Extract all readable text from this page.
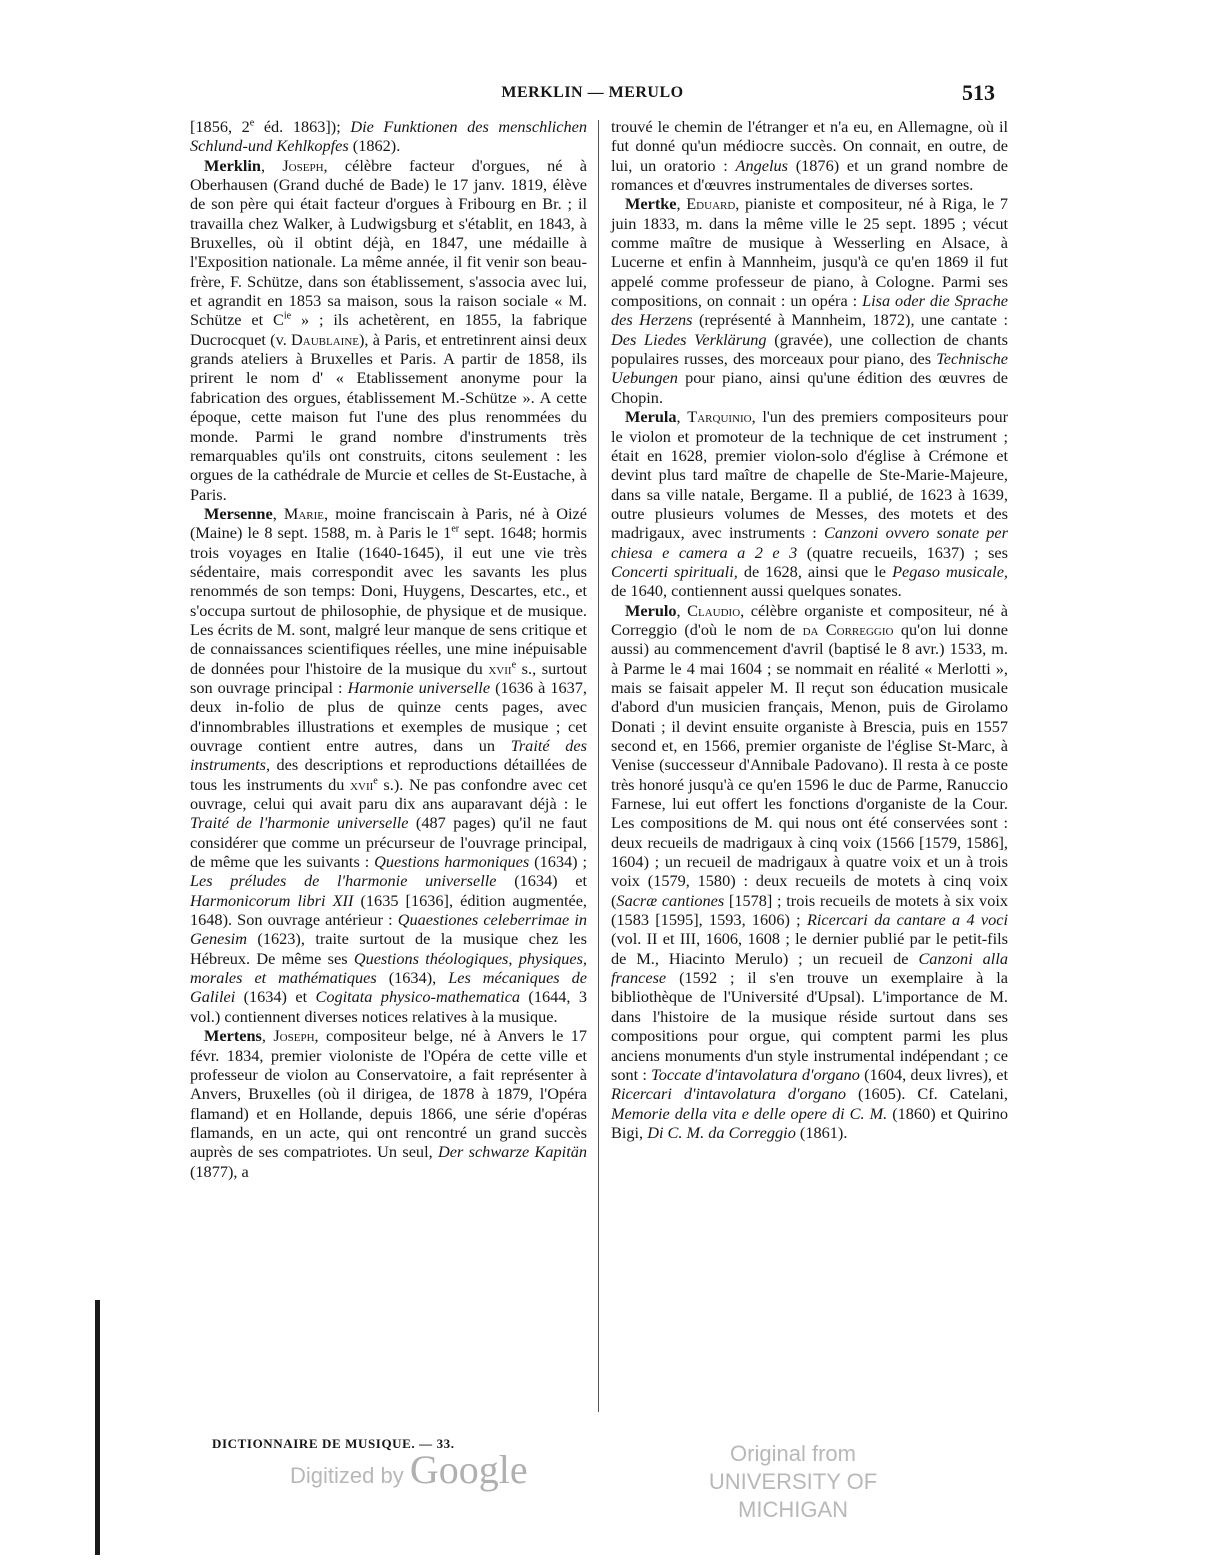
MERKLIN — MERULO	513

[1856, 2e éd. 1863]); Die Funktionen des menschlichen Schlund-und Kehlkopfes (1862).

Merklin, Joseph, célèbre facteur d'orgues, né à Oberhausen (Grand duché de Bade) le 17 janv. 1819, élève de son père qui était facteur d'orgues à Fribourg en Br. ; il travailla chez Walker, à Ludwigsburg et s'établit, en 1843, à Bruxelles, où il obtint déjà, en 1847, une médaille à l'Exposition nationale. La même année, il fit venir son beau-frère, F. Schütze, dans son établissement, s'associa avec lui, et agrandit en 1853 sa maison, sous la raison sociale « M. Schütze et $C^{ie}$ » ; ils achetèrent, en 1855, la fabrique Ducrocquet (v. Daublaine), à Paris, et entretinrent ainsi deux grands ateliers à Bruxelles et Paris. A partir de 1858, ils prirent le nom d' « Etablissement anonyme pour la fabrication des orgues, établissement M.-Schütze ». A cette époque, cette maison fut l'une des plus renommées du monde. Parmi le grand nombre d'instruments très remarquables qu'ils ont construits, citons seulement : les orgues de la cathédrale de Murcie et celles de St-Eustache, à Paris.

Mersenne, Marie, moine franciscain à Paris, né à Oizé (Maine) le 8 sept. 1588, m. à Paris le 1er sept. 1648; hormis trois voyages en Italie (1640-1645), il eut une vie très sédentaire, mais correspondit avec les savants les plus renommés de son temps: Doni, Huygens, Descartes, etc., et s'occupa surtout de philosophie, de physique et de musique. Les écrits de M. sont, malgré leur manque de sens critique et de connaissances scientifiques réelles, une mine inépuisable de données pour l'histoire de la musique du xvii$^e$ s., surtout son ouvrage principal : Harmonie universelle (1636 à 1637, deux in-folio de plus de quinze cents pages, avec d'innombrables illustrations et exemples de musique ; cet ouvrage contient entre autres, dans un Traité des instruments, des descriptions et reproductions détaillées de tous les instruments du xvii$^e$ s.). Ne pas confondre avec cet ouvrage, celui qui avait paru dix ans auparavant déjà : le Traité de l'harmonie universelle (487 pages) qu'il ne faut considérer que comme un précurseur de l'ouvrage principal, de même que les suivants : Questions harmoniques (1634) ; Les préludes de l'harmonie universelle (1634) et Harmonicorum libri XII (1635 [1636], édition augmentée, 1648). Son ouvrage antérieur : Quaestiones celeberrimae in Genesim (1623), traite surtout de la musique chez les Hébreux. De même ses Questions théologiques, physiques, morales et mathématiques (1634), Les mécaniques de Galilei (1634) et Cogitata physico-mathematica (1644, 3 vol.) contiennent diverses notices relatives à la musique.

Mertens, Joseph, compositeur belge, né à Anvers le 17 févr. 1834, premier violoniste de l'Opéra de cette ville et professeur de violon au Conservatoire, a fait représenter à Anvers, Bruxelles (où il dirigea, de 1878 à 1879, l'Opéra flamand) et en Hollande, depuis 1866, une série d'opéras flamands, en un acte, qui ont rencontré un grand succès auprès de ses compatriotes. Un seul, Der schwarze Kapitän (1877), a

trouvé le chemin de l'étranger et n'a eu, en Allemagne, où il fut donné qu'un médiocre succès. On connait, en outre, de lui, un oratorio : Angelus (1876) et un grand nombre de romances et d'œuvres instrumentales de diverses sortes.

Mertke, Eduard, pianiste et compositeur, né à Riga, le 7 juin 1833, m. dans la même ville le 25 sept. 1895 ; vécut comme maître de musique à Wesserling en Alsace, à Lucerne et enfin à Mannheim, jusqu'à ce qu'en 1869 il fut appelé comme professeur de piano, à Cologne. Parmi ses compositions, on connait : un opéra : Lisa oder die Sprache des Herzens (représenté à Mannheim, 1872), une cantate : Des Liedes Verklärung (gravée), une collection de chants populaires russes, des morceaux pour piano, des Technische Uebungen pour piano, ainsi qu'une édition des œuvres de Chopin.

Merula, Tarquinio, l'un des premiers compositeurs pour le violon et promoteur de la technique de cet instrument ; était en 1628, premier violon-solo d'église à Crémone et devint plus tard maître de chapelle de Ste-Marie-Majeure, dans sa ville natale, Bergame. Il a publié, de 1623 à 1639, outre plusieurs volumes de Messes, des motets et des madrigaux, avec instruments : Canzoni ovvero sonate per chiesa e camera a 2 e 3 (quatre recueils, 1637) ; ses Concerti spirituali, de 1628, ainsi que le Pegaso musicale, de 1640, contiennent aussi quelques sonates.

Merulo, Claudio, célèbre organiste et compositeur, né à Correggio (d'où le nom de da Correggio qu'on lui donne aussi) au commencement d'avril (baptisé le 8 avr.) 1533, m. à Parme le 4 mai 1604 ; se nommait en réalité « Merlotti », mais se faisait appeler M. Il reçut son éducation musicale d'abord d'un musicien français, Menon, puis de Girolamo Donati ; il devint ensuite organiste à Brescia, puis en 1557 second et, en 1566, premier organiste de l'église St-Marc, à Venise (successeur d'Annibale Padovano). Il resta à ce poste très honoré jusqu'à ce qu'en 1596 le duc de Parme, Ranuccio Farnese, lui eut offert les fonctions d'organiste de la Cour. Les compositions de M. qui nous ont été conservées sont : deux recueils de madrigaux à cinq voix (1566 [1579, 1586], 1604) ; un recueil de madrigaux à quatre voix et un à trois voix (1579, 1580) : deux recueils de motets à cinq voix (Sacræ cantiones [1578] ; trois recueils de motets à six voix (1583 [1595], 1593, 1606) ; Ricercari da cantare a 4 voci (vol. II et III, 1606, 1608 ; le dernier publié par le petit-fils de M., Hiacinto Merulo) ; un recueil de Canzoni alla francese (1592 ; il s'en trouve un exemplaire à la bibliothèque de l'Université d'Upsal). L'importance de M. dans l'histoire de la musique réside surtout dans ses compositions pour orgue, qui comptent parmi les plus anciens monuments d'un style instrumental indépendant ; ce sont : Toccate d'intavolatura d'organo (1604, deux livres), et Ricercari d'intavolatura d'organo (1605). Cf. Catelani, Memorie della vita e delle opere di C. M. (1860) et Quirino Bigi, Di C. M. da Correggio (1861).

DICTIONNAIRE DE MUSIQUE. — 33.
Digitized by Google	Original from
UNIVERSITY OF MICHIGAN
